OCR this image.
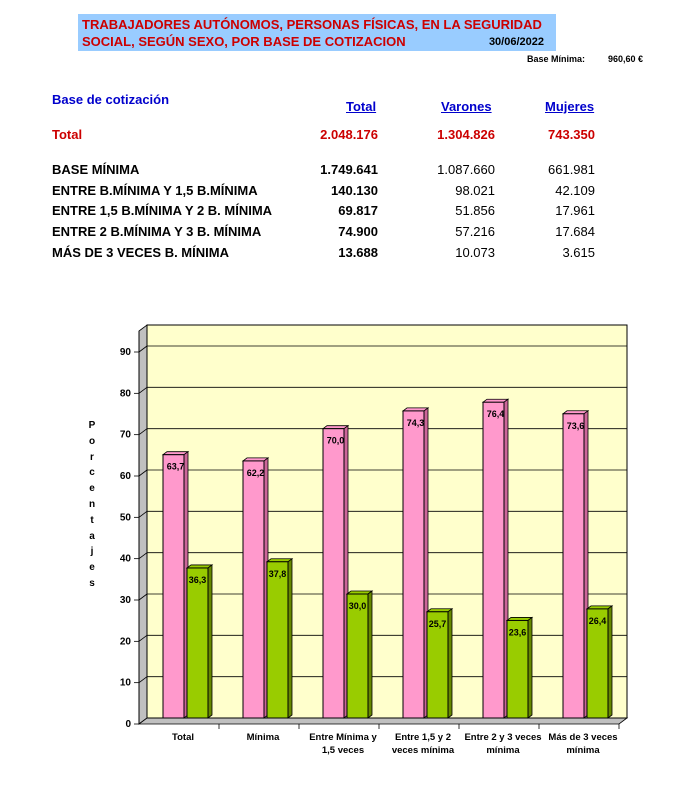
TRABAJADORES AUTÓNOMOS, PERSONAS FÍSICAS, EN LA SEGURIDAD
SOCIAL, SEGÚN SEXO, POR BASE DE COTIZACION	30/06/2022
Base Mínima:	960,60 €
Base de cotización	Total	Varones	Mujeres
Total	2.048.176	1.304.826	743.350
BASE MÍNIMA	1.749.641	1.087.660	661.981
ENTRE B.MÍNIMA Y 1,5 B.MÍNIMA	140.130	98.021	42.109
ENTRE 1,5 B.MÍNIMA Y 2 B. MÍNIMA	69.817	51.856	17.961
ENTRE 2 B.MÍNIMA Y 3 B. MÍNIMA	74.900	57.216	17.684
MÁS DE 3 VECES B. MÍNIMA	13.688	10.073	3.615
0
10
20
30
40
50
60
70
80
90
63,7
36,3
Total
62,2
37,8
Mínima
70,0
30,0
Entre Mínima y
1,5 veces
74,3
25,7
Entre 1,5 y 2
veces mínima
76,4
23,6
Entre 2 y 3 veces
mínima
73,6
26,4
Más de 3 veces
mínima
P
o
r
c
e
n
t
a
j
e
s
